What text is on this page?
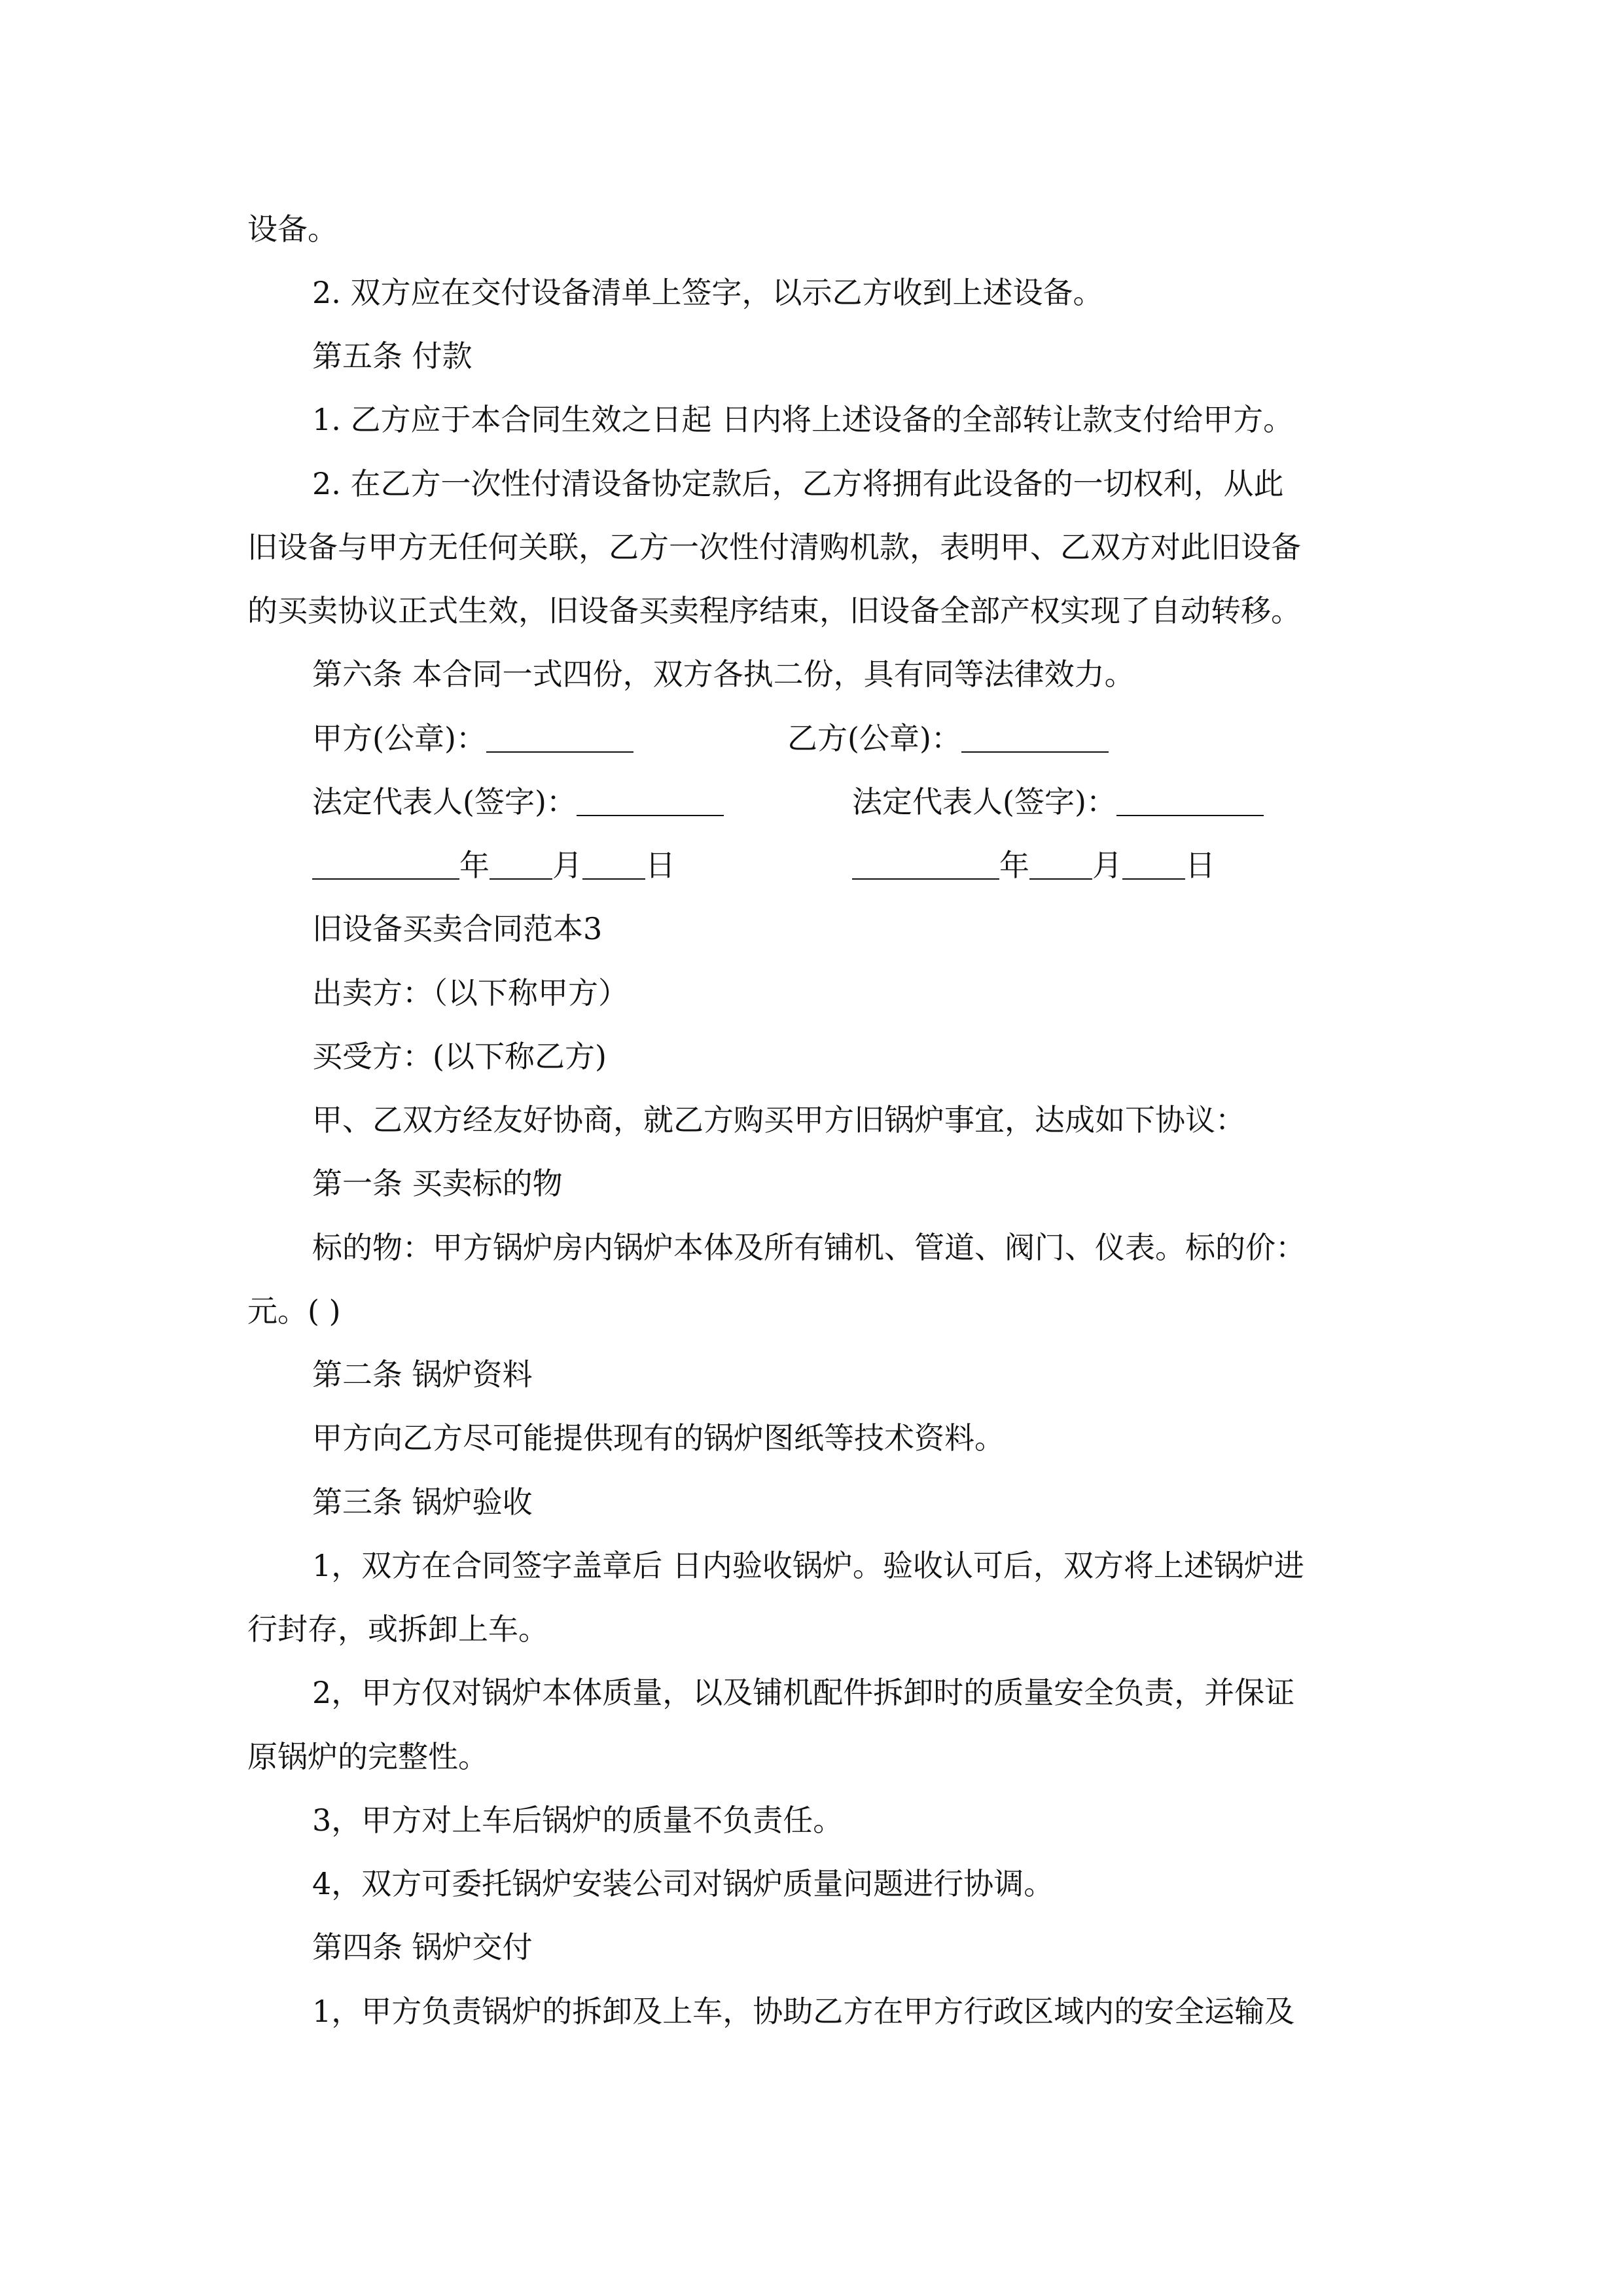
设备。
2. 双方应在交付设备清单上签字，以示乙方收到上述设备。
第五条 付款
1. 乙方应于本合同生效之日起 日内将上述设备的全部转让款支付给甲方。
2. 在乙方一次性付清设备协定款后，乙方将拥有此设备的一切权利，从此
旧设备与甲方无任何关联，乙方一次性付清购机款，表明甲、乙双方对此旧设备
的买卖协议正式生效，旧设备买卖程序结束，旧设备全部产权实现了自动转移。
第六条 本合同一式四份，双方各执二份，具有同等法律效力。
甲方(公章)：	乙方(公章)：
法定代表人(签字)：	法定代表人(签字)：
年 月 日	年 月 日
旧设备买卖合同范本3
出卖方：（以下称甲方）
买受方：(以下称乙方)
甲、乙双方经友好协商，就乙方购买甲方旧锅炉事宜，达成如下协议：
第一条 买卖标的物
标的物：甲方锅炉房内锅炉本体及所有铺机、管道、阀门、仪表。标的价：
元。( )
第二条 锅炉资料
甲方向乙方尽可能提供现有的锅炉图纸等技术资料。
第三条 锅炉验收
1，双方在合同签字盖章后 日内验收锅炉。验收认可后，双方将上述锅炉进
行封存，或拆卸上车。
2，甲方仅对锅炉本体质量，以及铺机配件拆卸时的质量安全负责，并保证
原锅炉的完整性。
3，甲方对上车后锅炉的质量不负责任。
4，双方可委托锅炉安装公司对锅炉质量问题进行协调。
第四条 锅炉交付
1，甲方负责锅炉的拆卸及上车，协助乙方在甲方行政区域内的安全运输及
